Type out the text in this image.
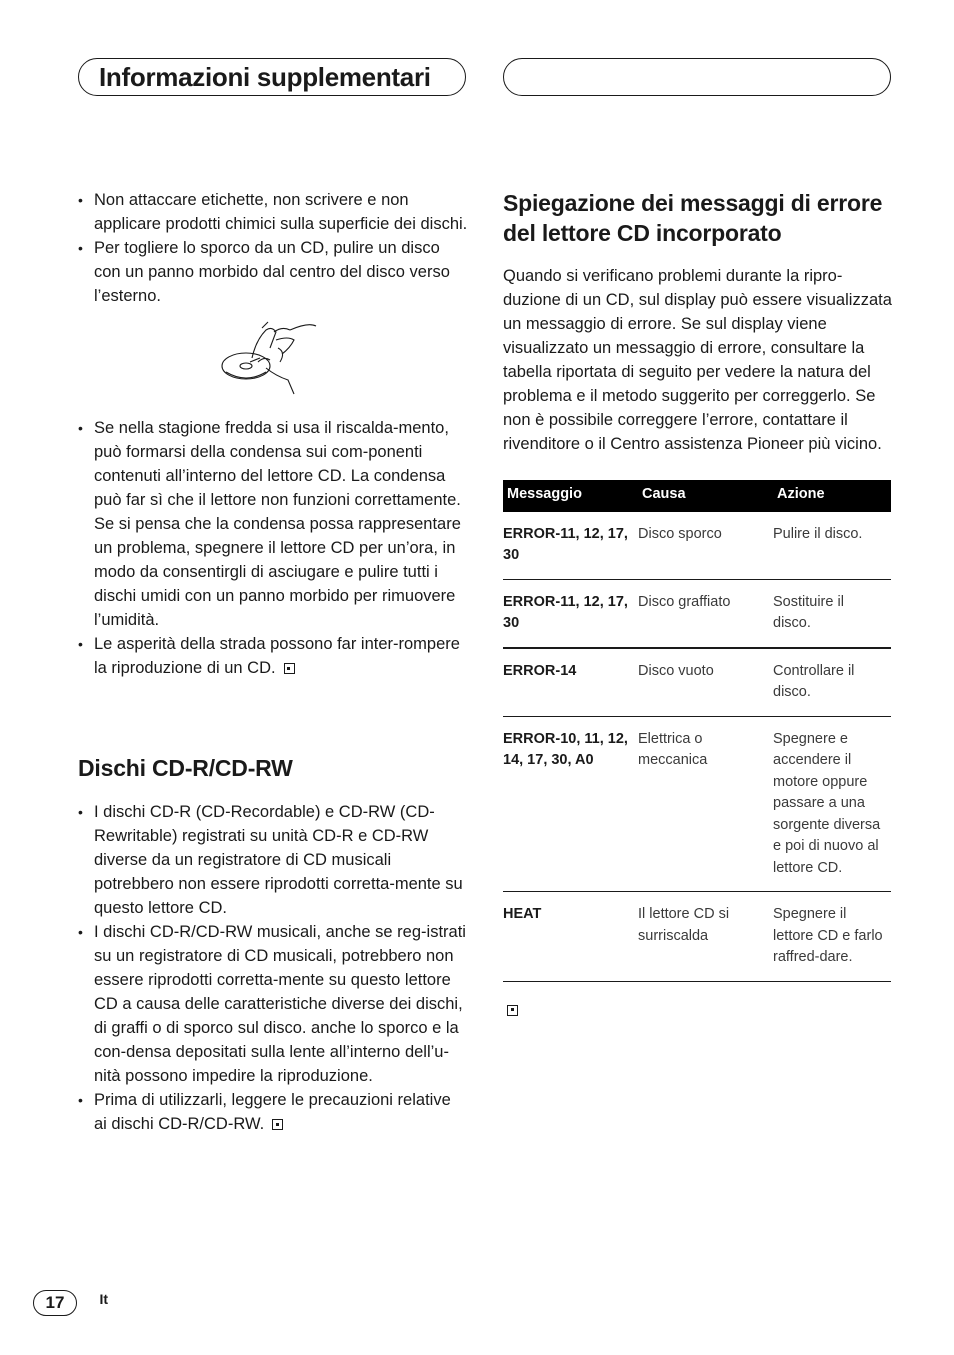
Informazioni supplementari
• Non attaccare etichette, non scrivere e non applicare prodotti chimici sulla superficie dei dischi.
• Per togliere lo sporco da un CD, pulire un disco con un panno morbido dal centro del disco verso l’esterno.
• Se nella stagione fredda si usa il riscalda-mento, può formarsi della condensa sui com-ponenti contenuti all’interno del lettore CD. La condensa può far sì che il lettore non funzioni correttamente. Se si pensa che la condensa possa rappresentare un problema, spegnere il lettore CD per un’ora, in modo da consentirgli di asciugare e pulire tutti i dischi umidi con un panno morbido per rimuovere l’umidità.
• Le asperità della strada possono far inter-rompere la riproduzione di un CD.
Dischi CD-R/CD-RW
• I dischi CD-R (CD-Recordable) e CD-RW (CD-Rewritable) registrati su unità CD-R e CD-RW diverse da un registratore di CD musicali potrebbero non essere riprodotti corretta-mente su questo lettore CD.
• I dischi CD-R/CD-RW musicali, anche se reg-istrati su un registratore di CD musicali, potrebbero non essere riprodotti corretta-mente su questo lettore CD a causa delle caratteristiche diverse dei dischi, di graffi o di sporco sul disco. anche lo sporco e la con-densa depositati sulla lente all’interno dell’u-nità possono impedire la riproduzione.
• Prima di utilizzarli, leggere le precauzioni relative ai dischi CD-R/CD-RW.
Spiegazione dei messaggi di errore del lettore CD incorporato

Quando si verificano problemi durante la ripro-duzione di un CD, sul display può essere visualizzata un messaggio di errore. Se sul display viene visualizzato un messaggio di errore, consultare la tabella riportata di seguito per vedere la natura del problema e il metodo suggerito per correggerlo. Se non è possibile correggere l’errore, contattare il rivenditore o il Centro assistenza Pioneer più vicino.

Messaggio	Causa	Azione
ERROR-11, 12, 17, 30	Disco sporco	Pulire il disco.
ERROR-11, 12, 17, 30	Disco graffiato	Sostituire il disco.
ERROR-14	Disco vuoto	Controllare il disco.
ERROR-10, 11, 12, 14, 17, 30, A0	Elettrica o meccanica	Spegnere e accendere il motore oppure passare a una sorgente diversa e poi di nuovo al lettore CD.
HEAT	Il lettore CD si surriscalda	Spegnere il lettore CD e farlo raffred-dare.
17	It
